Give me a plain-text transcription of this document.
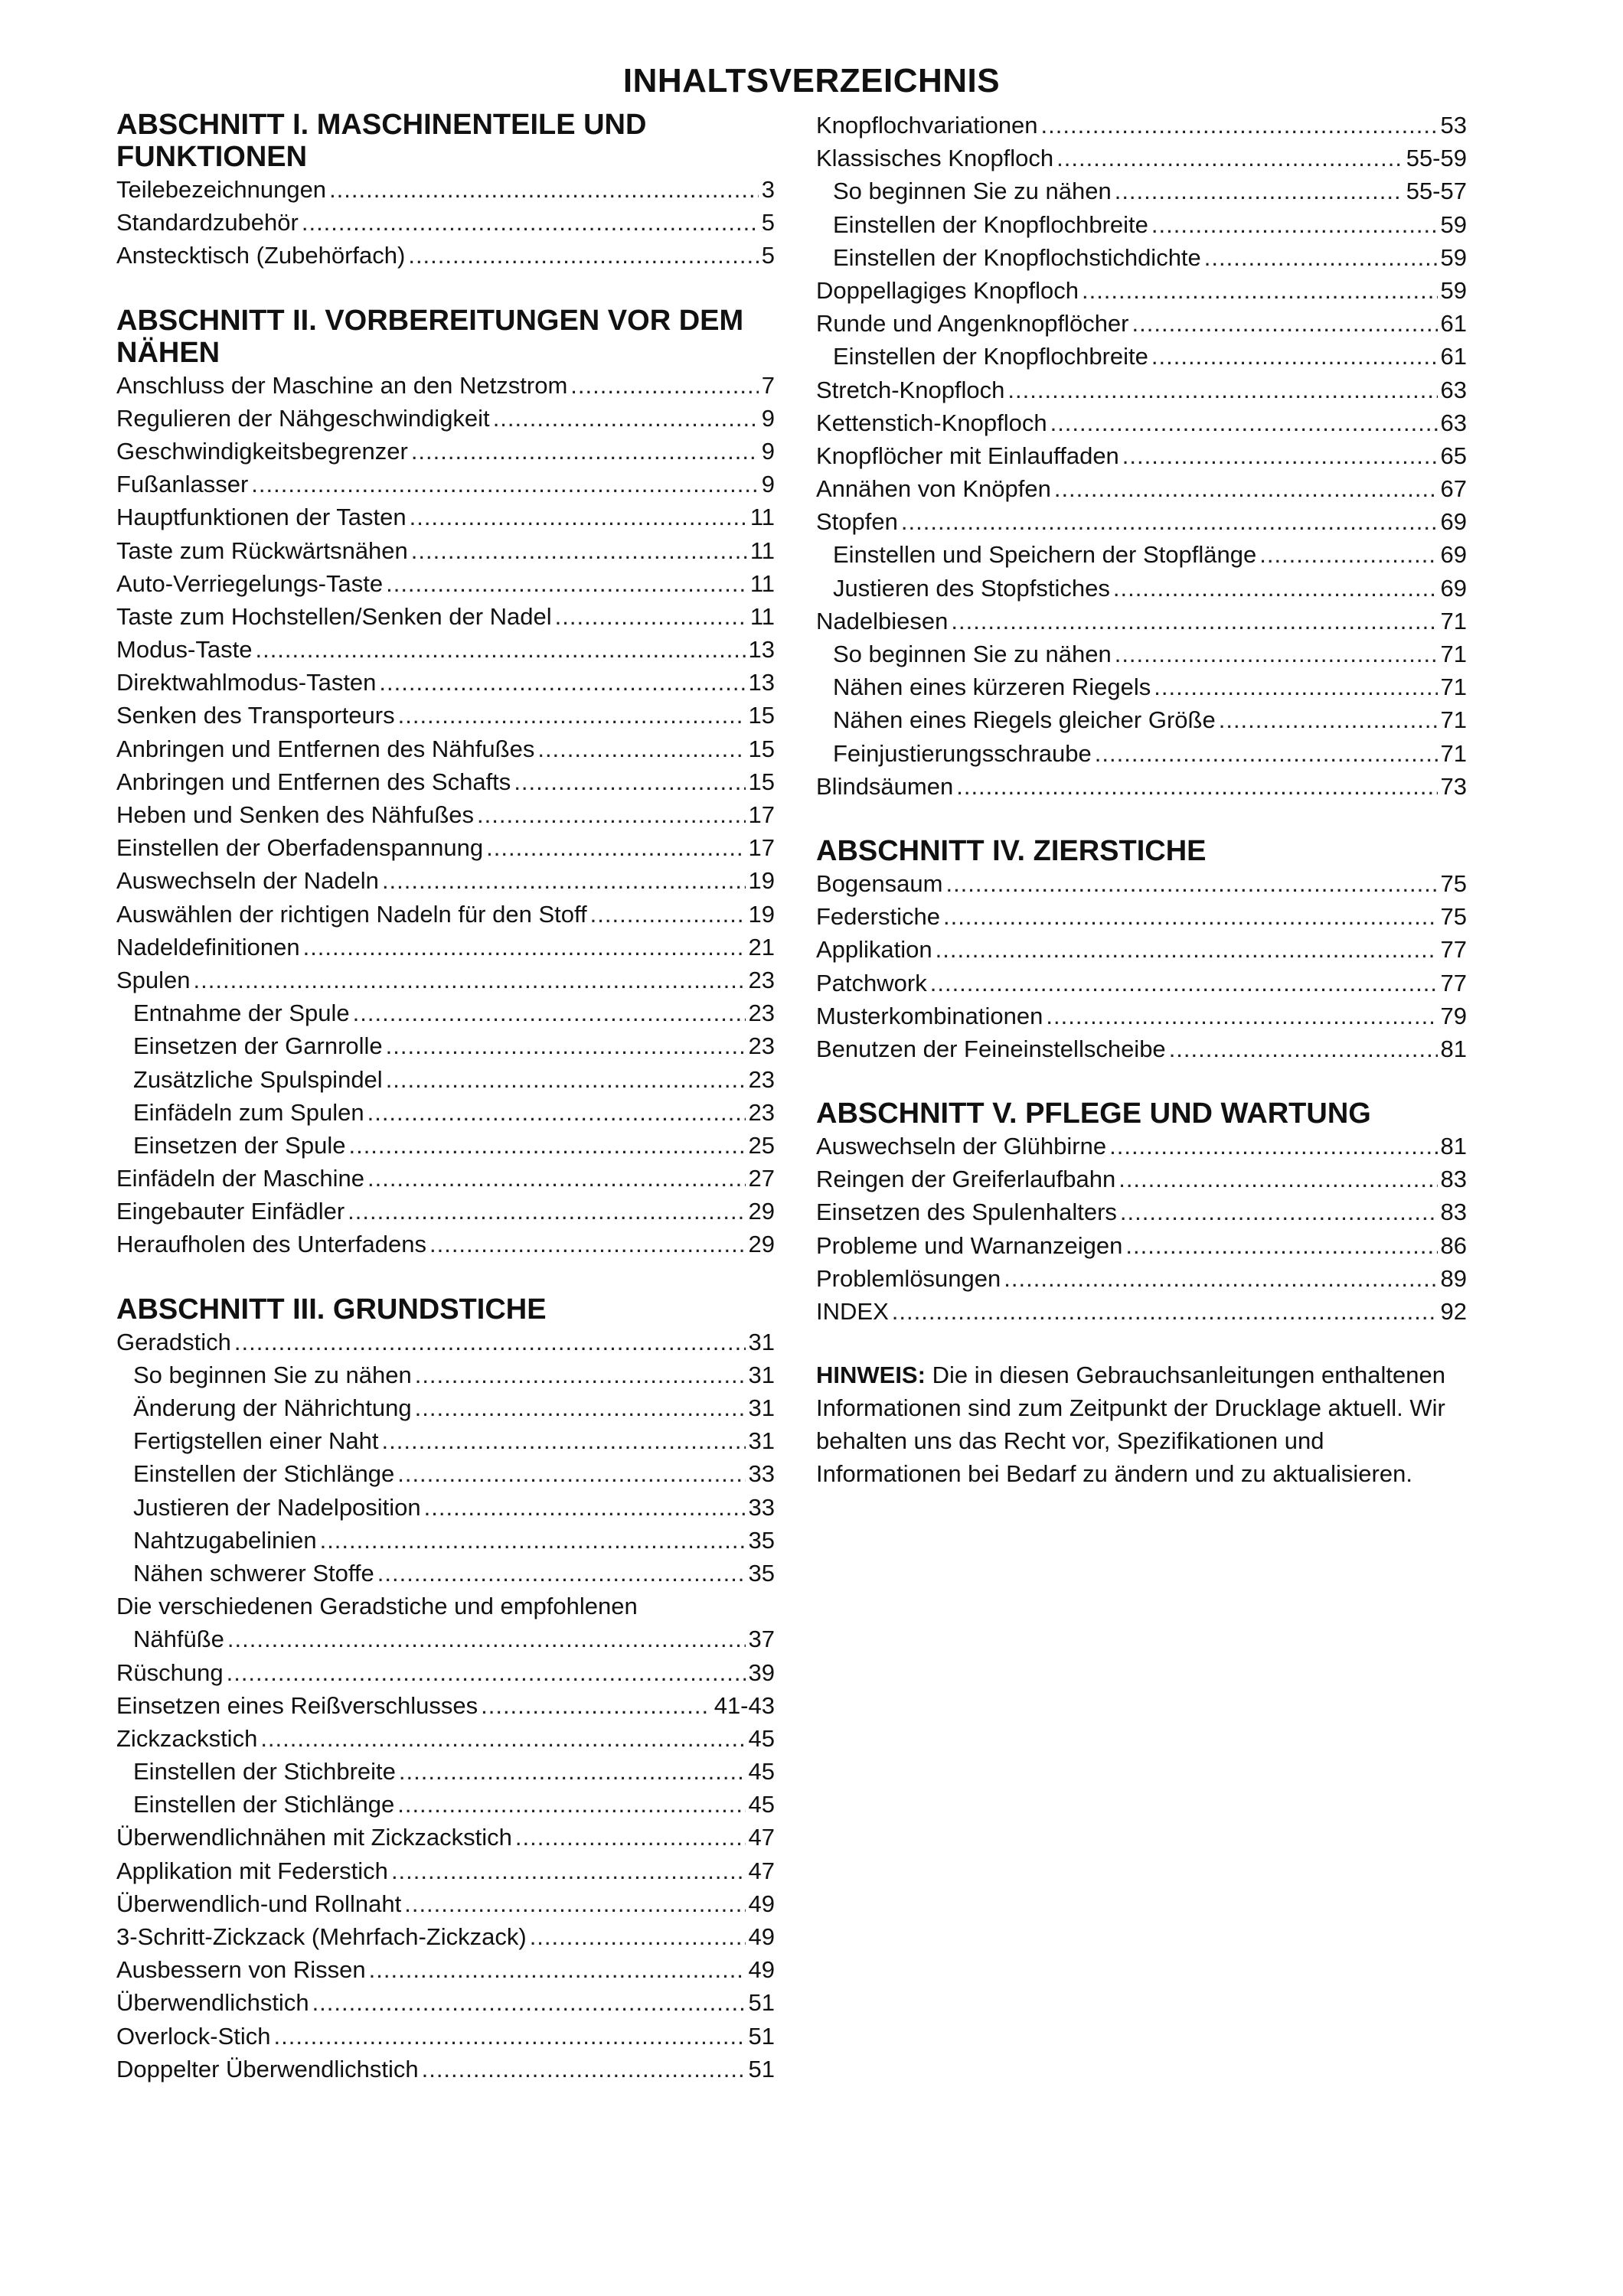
INHALTSVERZEICHNIS
ABSCHNITT I. MASCHINENTEILE UND FUNKTIONEN
Teilebezeichnungen .....	3
Standardzubehör .....	5
Anstecktisch (Zubehörfach) .....	5
ABSCHNITT II. VORBEREITUNGEN VOR DEM NÄHEN
Anschluss der Maschine an den Netzstrom .....	7
Regulieren der Nähgeschwindigkeit .....	9
Geschwindigkeitsbegrenzer .....	9
Fußanlasser .....	9
Hauptfunktionen der Tasten .....	11
Taste zum Rückwärtsnähen .....	11
Auto-Verriegelungs-Taste .....	11
Taste zum Hochstellen/Senken der Nadel .....	11
Modus-Taste .....	13
Direktwahlmodus-Tasten .....	13
Senken des Transporteurs .....	15
Anbringen und Entfernen des Nähfußes .....	15
Anbringen und Entfernen des Schafts .....	15
Heben und Senken des Nähfußes .....	17
Einstellen der Oberfadenspannung .....	17
Auswechseln der Nadeln .....	19
Auswählen der richtigen Nadeln für den Stoff .....	19
Nadeldefinitionen .....	21
Spulen .....	23
Entnahme der Spule .....	23
Einsetzen der Garnrolle .....	23
Zusätzliche Spulspindel .....	23
Einfädeln zum Spulen .....	23
Einsetzen der Spule .....	25
Einfädeln der Maschine .....	27
Eingebauter Einfädler .....	29
Heraufholen des Unterfadens .....	29
ABSCHNITT III. GRUNDSTICHE
Geradstich .....	31
So beginnen Sie zu nähen .....	31
Änderung der Nährichtung .....	31
Fertigstellen einer Naht .....	31
Einstellen der Stichlänge .....	33
Justieren der Nadelposition .....	33
Nahtzugabelinien .....	35
Nähen schwerer Stoffe .....	35
Die verschiedenen Geradstiche und empfohlenen
Nähfüße .....	37
Rüschung .....	39
Einsetzen eines Reißverschlusses .....	41-43
Zickzackstich .....	45
Einstellen der Stichbreite .....	45
Einstellen der Stichlänge .....	45
Überwendlichnähen mit Zickzackstich .....	47
Applikation mit Federstich .....	47
Überwendlich-und Rollnaht .....	49
3-Schritt-Zickzack (Mehrfach-Zickzack) .....	49
Ausbessern von Rissen .....	49
Überwendlichstich .....	51
Overlock-Stich .....	51
Doppelter Überwendlichstich .....	51
Knopflochvariationen .....	53
Klassisches Knopfloch .....	55-59
So beginnen Sie zu nähen .....	55-57
Einstellen der Knopflochbreite .....	59
Einstellen der Knopflochstichdichte .....	59
Doppellagiges Knopfloch .....	59
Runde und Angenknopflöcher .....	61
Einstellen der Knopflochbreite .....	61
Stretch-Knopfloch .....	63
Kettenstich-Knopfloch .....	63
Knopflöcher mit Einlauffaden .....	65
Annähen von Knöpfen .....	67
Stopfen .....	69
Einstellen und Speichern der Stopflänge .....	69
Justieren des Stopfstiches .....	69
Nadelbiesen .....	71
So beginnen Sie zu nähen .....	71
Nähen eines kürzeren Riegels .....	71
Nähen eines Riegels gleicher Größe .....	71
Feinjustierungsschraube .....	71
Blindsäumen .....	73
ABSCHNITT IV. ZIERSTICHE
Bogensaum .....	75
Federstiche .....	75
Applikation .....	77
Patchwork .....	77
Musterkombinationen .....	79
Benutzen der Feineinstellscheibe .....	81
ABSCHNITT V. PFLEGE UND WARTUNG
Auswechseln der Glühbirne .....	81
Reingen der Greiferlaufbahn .....	83
Einsetzen des Spulenhalters .....	83
Probleme und Warnanzeigen .....	86
Problemlösungen .....	89
INDEX .....	92
HINWEIS: Die in diesen Gebrauchsanleitungen enthaltenen Informationen sind zum Zeitpunkt der Drucklage aktuell. Wir behalten uns das Recht vor, Spezifikationen und Informationen bei Bedarf zu ändern und zu aktualisieren.
